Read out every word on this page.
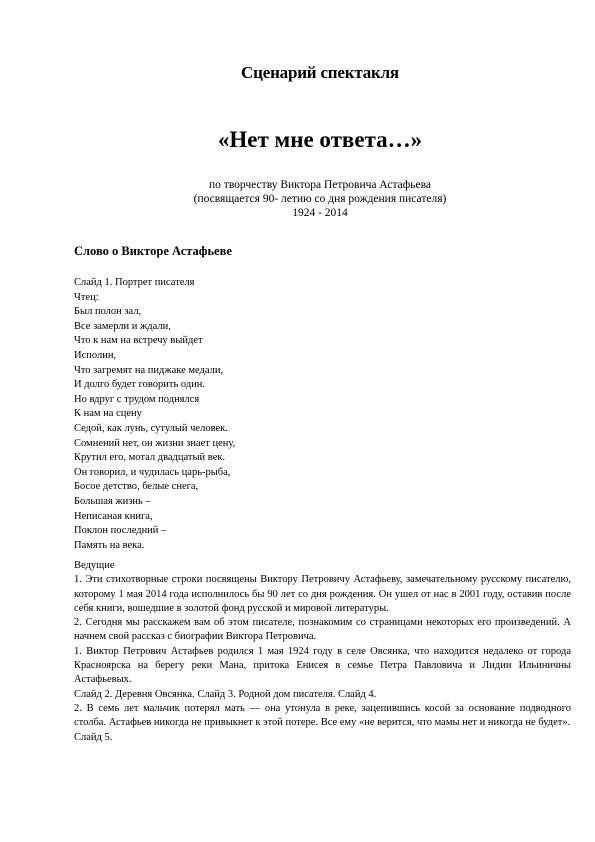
Сценарий спектакля
«Нет мне ответа…»
по творчеству Виктора Петровича Астафьева
(посвящается 90- летию со дня рождения писателя)
1924 - 2014
Слово о Викторе Астафьеве
Слайд 1. Портрет писателя
Чтец:
Был полон зал,
Все замерли и ждали,
Что к нам на встречу выйдет
Исполин,
Что загремят на пиджаке медали,
И долго будет говорить один.
Но вдруг с трудом поднялся
К нам на сцену
Седой, как лунь, сутулый человек.
Сомнений нет, он жизни знает цену,
Крутил его, мотал двадцатый век.
Он говорил, и чудилась царь-рыба,
Босое детство, белые снега,
Большая жизнь –
Неписаная книга,
Поклон последний –
Память на века.
Ведущие

1. Эти стихотворные строки посвящены Виктору Петровичу Астафьеву, замечательному русскому писателю, которому 1 мая 2014 года исполнилось бы 90 лет со дня рождения. Он ушел от нас в 2001 году, оставив после себя книги, вошедшие в золотой фонд русской и мировой литературы.

2. Сегодня мы расскажем вам об этом писателе, познакомим со страницами некоторых его произведений. А начнем свой рассказ с биографии Виктора Петровича.

1. Виктор Петрович Астафьев родился 1 мая 1924 году в селе Овсянка, что находится недалеко от города Красноярска на берегу реки Мана, притока Енисея в семье Петра Павловича и Лидии Ильиничны Астафьевых.

Слайд 2. Деревня Овсянка. Слайд 3. Родной дом писателя. Слайд 4.

2. В семь лет мальчик потерял мать — она утонула в реке, зацепившись косой за основание подводного столба. Астафьев никогда не привыкнет к этой потере. Все ему «не верится, что мамы нет и никогда не будет».

Слайд 5.
